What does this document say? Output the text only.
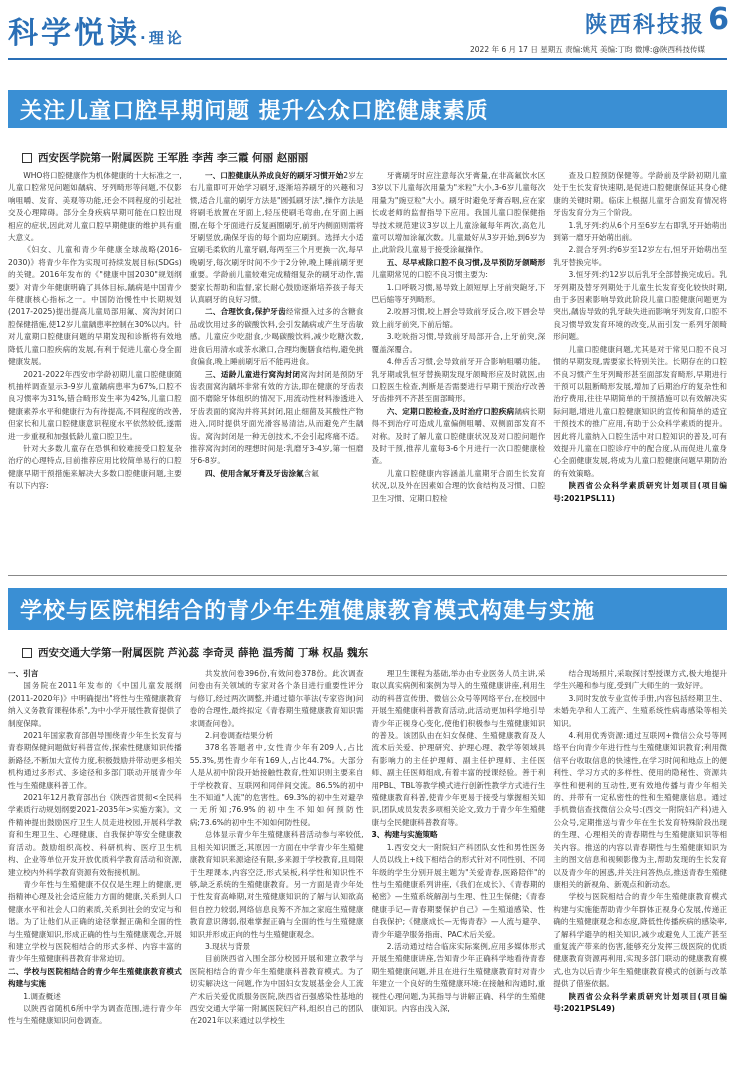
科学悦读·理论	陕西科技报 6
2022 年 6 月 17 日 星期五 责编:姚芃 美编:丁昀 微博:@陕西科技传媒
关注儿童口腔早期问题 提升公众口腔健康素质
西安医学院第一附属医院 王军胜 李茜 李三霞 何丽 赵丽丽

WHO将口腔健康作为机体健康的十大标准之一,儿童口腔常见问题如龋病、牙列畸形等问题,不仅影响咀嚼、发育、美观等功能,还会不同程度的引起社交及心理障碍。部分全身疾病早期可能在口腔出现相应的症状,因此对儿童口腔早期健康的维护具有重大意义。

《妇女、儿童和青少年健康全球战略(2016-2030)》将青少年作为实现可持续发展目标(SDGs)的关键。2016年发布的《"健康中国2030"规划纲要》对青少年健康明确了具体目标,龋病是中国青少年健康核心指标之一。中国防治慢性中长期规划(2017-2025)提出提高儿童局部用氟、窝沟封闭口腔保健措施,使12岁儿童龋患率控制在30%以内。针对儿童期口腔健康问题的早期发现和诊断将有效地降低儿童口腔疾病的发展,有利于促进儿童心身全面健康发展。

2021-2022年西安市学龄初期儿童口腔健康随机抽样调查显示3-9岁儿童龋病患率为67%,口腔不良习惯率为31%,错合畸形发生率为42%,儿童口腔健康素养水平和健康行为有待提高,不同程度的改善,但家长和儿童口腔健康意识程度水平依然较低,遂需进一步重视和加强低龄儿童口腔卫生。

针对大多数儿童存在恐惧和较难接受口腔复杂治疗的心理特点,目前推荐应用比较简单易行的口腔健康早期干预措施来解决大多数口腔健康问题,主要有以下内容:

一、口腔健康从养成良好的刷牙习惯开始2岁左右儿童即可开始学习刷牙,逐渐培养刷牙的兴趣和习惯,适合儿童的刷牙方法是"圆弧刷牙法",操作方法是将刷毛放置在牙面上,轻压使刷毛弯曲,在牙面上画圈,在每个牙面进行反复画圈刷牙,前牙内侧面则需将牙刷竖放,确保牙齿的每个面均应刷到。选择大小适宜刷毛柔软的儿童牙刷,每两至三个月更换一次,每早晚刷牙,每次刷牙时间不少于2分钟,晚上睡前刷牙更重要。学龄前儿童较难完成精细复杂的刷牙动作,需要家长帮助和监督,家长耐心鼓励逐渐培养孩子每天认真刷牙的良好习惯。

二、合理饮食,保护牙齿经常摄入过多的含糖食品或饮用过多的碳酸饮料,会引发龋病或产生牙齿敏感。儿童应少吃甜食,少喝碳酸饮料,减少吃糖次数,进食后用清水或茶水漱口,合理均衡膳食结构,避免挑食偏食,晚上睡前刷牙后不能再进食。

三、适龄儿童进行窝沟封闭窝沟封闭是预防牙齿表面窝沟龋坏非常有效的方法,即在健康的牙齿表面不磨除牙体组织的情况下,用流动性材料渗透进入牙齿表面的窝沟并将其封闭,阻止细菌及其酸性产物进入,同时提供牙面光滑容易清洁,从而避免产生龋齿。窝沟封闭是一种无创技术,不会引起疼痛不适。推荐窝沟封闭的理想时间是:乳磨牙3-4岁,第一恒磨牙6-8岁。

四、使用含氟牙膏及牙齿涂氟含氟

牙膏刷牙时应注意每次牙膏量,在非高氟饮水区3岁以下儿童每次用量为"米粒"大小,3-6岁儿童每次用量为"豌豆粒"大小。刷牙时避免牙膏吞咽,应在家长或老师的监督指导下应用。我国儿童口腔保健指导技术规范建议3岁以上儿童涂氟每年两次,高危儿童可以增加涂氟次数。儿童最好从3岁开始,到6岁为止,此阶段儿童易于接受涂氟操作。

五、尽早戒除口腔不良习惯,及早预防牙颌畸形儿童期常见的口腔不良习惯主要为:

1.口呼吸习惯,易导致上颌短厚上牙前突龅牙,下巴后缩等牙列畸形。

2.咬唇习惯,咬上唇会导致前牙反合,咬下唇会导致上前牙前突,下前后缩。

3.吃吮指习惯,导致前牙局部开合,上牙前突,深覆盖深覆合。

4.伸舌舌习惯,会导致前牙开合影响咀嚼功能。乳牙期或乳恒牙替换期发现牙颌畸形应及时就医,由口腔医生检查,判断是否需要进行早期干预治疗改善牙齿排列不齐甚至面部畸形。

六、定期口腔检查,及时治疗口腔疾病龋病长期得不到治疗可造成儿童偏侧咀嚼、双侧面部发育不对称。及时了解儿童口腔健康状况及对口腔问题作及时干预,推荐儿童每3-6个月进行一次口腔健康检查。

儿童口腔健康内容涵盖儿童期牙合面生长发育状况,以及外在因素如合理的饮食结构及习惯、口腔卫生习惯、定期口腔检

查及口腔预防保健等。学龄前及学龄初期儿童处于生长发育快速期,是促进口腔健康保证其身心健康的关键时期。临床上根据儿童牙合面发育情况将牙齿发育分为三个阶段。

1.乳牙列:约从6个月至6岁左右即乳牙开始萌出到第一磨牙开始萌出前。

2.混合牙列:约6岁至12岁左右,恒牙开始萌出至乳牙替换完毕。

3.恒牙列:约12岁以后乳牙全部替换完成后。乳牙列期及替牙列期处于儿童生长发育变化较快时期,由于多因素影响导致此阶段儿童口腔健康问题更为突出,龋齿导致的乳牙缺失进而影响牙列发育,口腔不良习惯导致发育环境的改变,从而引发一系列牙颌畸形问题。

儿童口腔健康问题,尤其是对于常见口腔不良习惯的早期发现,需要家长特别关注。长期存在的口腔不良习惯产生牙列畸形甚至面部发育畸形,早期进行干预可以阻断畸形发展,增加了后期治疗的复杂性和治疗费用,往往早期简单的干预措施可以有效解决实际问题,增进儿童口腔健康知识的宣传和简单的适宜干预技术的推广应用,有助于公众科学素质的提升。因此将儿童纳入口腔生活中对口腔知识的普及,可有效提升儿童在口腔诊疗中的配合度,从而促进儿童身心全面健康发展,将成为儿童口腔健康问题早期防治的有效策略。

陕西省公众科学素质研究计划项目(项目编号:2021PSL11)

学校与医院相结合的青少年生殖健康教育模式构建与实施
西安交通大学第一附属医院 芦沁蕊 李奇灵 薛艳 温秀蔺 丁琳 权晶 魏东

一、引言

国务院在2011年发布的《中国儿童发展纲(2011-2020年)》中明确提出"将性与生殖健康教育纳入义务教育课程体系",为中小学开展性教育提供了制度保障。

2021年国家教育部倡导围绕青少年生长发育与青春期保健问题做好科普宣传,探索性健康知识传播新路径,不断加大宣传力度,积极鼓励并带动更多相关机构通过多形式、多途径和多部门联动开展青少年性与生殖健康科普工作。

2021年12月教育部出台《陕西省贯彻<全民科学素质行动规划纲要2021-2035年>实施方案》。文件精神提出鼓励医疗卫生人员走进校园,开展科学教育和生理卫生、心理健康、自我保护等安全健康教育活动。鼓励组织高校、科研机构、医疗卫生机构、企业等单位开发开放优质科学教育活动和资源,建立校内外科学教育资源有效衔接机制。

青少年性与生殖健康不仅仅是生理上的健康,更指精神心理及社会适应能力方面的健康,关系到人口健康水平和社会人口的素质,关系到社会的安定与和谐。为了让他们从正确的途径掌握正确和全面的性与生殖健康知识,形成正确的性与生殖健康观念,开展和建立学校与医院相结合的形式多样、内容丰富的青少年生殖健康科普教育非常迫切。

二、学校与医院相结合的青少年生殖健康教育模式构建与实施

1.调查概述

以陕西省随机6所中学为调查范围,进行青少年性与生殖健康知识问卷调查。

共发放问卷396份,有效问卷378份。此次调查问卷由有关领域的专家对各个条目进行重要性评分与修订,经过两次调整,并通过德尔菲法(专家咨询)问卷的合理性,最终拟定《青春期生殖健康教育知识需求调查问卷》。

2.问卷调查结果分析

378名答题者中,女性青少年有209人,占比55.3%,男性青少年有169人,占比44.7%。大部分人是从初中阶段开始接触性教育,性知识则主要来自于学校教育、互联网和同伴间交流。86.5%的初中生不知道"人流"的危害性。69.3%的初中生对避孕一无所知;76.9%的初中生不知如何预防性病;73.6%的初中生不知如何防性侵。

总体显示青少年生殖健康科普活动参与率较低,且相关知识匮乏,其原因一方面在中学青少年生殖健康教育知识来源途径有限,多来源于学校教育,且局限于生理课本,内容空泛,形式呆板,科学性和知识性不够,缺乏系统的生殖健康教育。另一方面是青少年处于性发育高峰期,对生殖健康知识的了解与认知欲高但自控力较弱,网络信息良莠不齐加之家庭生殖健康教育意识薄弱,很难掌握正确与全面的性与生殖健康知识并形成正向的性与生殖健康观念。

3.现状与背景

目前陕西省入围全部分校园开展和建立教学与医院相结合的青少年生殖健康科普教育模式。为了切实解决这一问题,作为中国妇女发展基金会人工流产术后关爱优质服务医院,陕西省百强感染性基地的西安交通大学第一附属医院妇产科,组织自己的团队在2021年以来通过以学校生

理卫生课程为基础,举办由专业医务人员主讲,采取以真实病例和案例为导入的生殖健康讲座,利用生动的科普宣传册、微信公众号等网络平台,在校园中开展生殖健康科普教育活动,此活动更加科学地引导青少年正视身心变化,使他们积极参与生殖健康知识的普及。该团队由在妇女保健、生殖健康教育及人流术后关爱、护理研究、护理心理、教学等领域具有影响力的主任护理师、副主任护理师、主任医师、副主任医师组成,有着丰富的授课经验。善于利用PBL、TBL等教学模式进行创新性教学方式进行生殖健康教育科普,使青少年更易于接受与掌握相关知识,团队成员发表多项相关论文,致力于青少年生殖健康与全民健康科普教育等。

3、构建与实施策略

1.西安交大一附院妇产科团队女性和男性医务人员以线上+线下相结合的形式针对不同性别、不同年级的学生分别开展主题为"关爱青春,医路陪伴"的性与生殖健康系列讲座,《我们在成长》、《青春期的秘密》—生殖系统解剖与生理、性卫生保健;《青春健康手记—青春期要保护自己》—生殖道感染、性自我保护;《健康成长—无悔青春》—人流与避孕、青少年避孕服务指南、PAC术后关爱。

2.活动通过结合临床实际案例,应用多媒体形式开展生殖健康讲座,告知青少年正确科学地看待青春期生殖健康问题,并且在进行生殖健康教育时对青少年建立一个良好的生殖健康环境:在接触和沟通时,重视性心理问题,为其指导与讲解正确、科学的生殖健康知识。内容由浅入深,

结合现场照片,采取探讨型授课方式,极大地提升学生兴趣和参与度,受到广大师生的一致好评。

3.同时发放专业宣传手册,内容包括经期卫生、未婚先孕和人工流产、生殖系统性病毒感染等相关知识。

4.利用优秀资源:通过互联网+微信公众号等网络平台向青少年进行性与生殖健康知识教育;利用微信平台收取信息的快速性,在学习时间和地点上的便利性、学习方式的多样性、使用的隐秘性、资源共享性和便利的互动性,更有效地传播与青少年相关的、并带有一定私密性的性和生殖健康信息。通过手机微信查找微信公众号:(西交一附院妇产科)进入公众号,定期推送与青少年在生长发育特殊阶段出现的生理、心理相关的青春期性与生殖健康知识等相关内容。推送的内容以青春期性与生殖健康知识为主的图文信息和视频影像为主,帮助发现的生长发育以及青少年的困惑,并关注问答热点,推送青春生殖健康相关的新视角、新观点和新动态。

学校与医院相结合的青少年生殖健康教育模式构建与实施能帮助青少年群体正视身心发展,传递正确的生殖健康观念和态度,降低性传播疾病的感染率,了解科学避孕的相关知识,减少或避免人工流产甚至重复流产带来的伤害,能够充分发挥三级医院的优质健康教育资源再利用,实现多部门联动的健康教育模式,也为以后青少年生殖健康教育模式的创新与改革提供了借鉴依据。

陕西省公众科学素质研究计划项目(项目编号:2021PSL49)
